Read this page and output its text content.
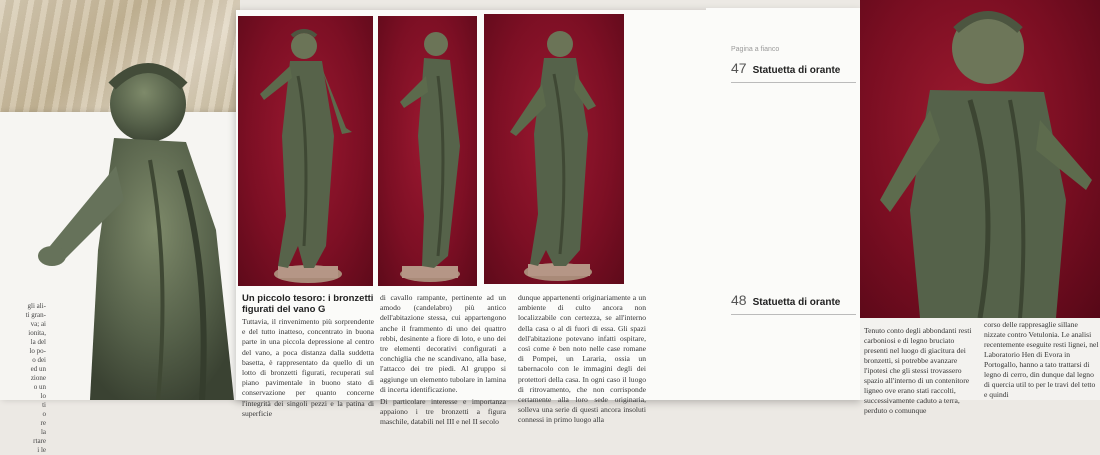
gli ali-
ti gran-
va; ai
ionita,
la del
lo po-
o dei
ed un
zione
o un
lo
ti
o
re
la
rtare
i le
Un piccolo tesoro: i bronzetti figurati del vano G

Tuttavia, il rinvenimento più sorprendente e del tutto inatteso, concentrato in buona parte in una piccola depressione al centro del vano, a poca distanza dalla suddetta basetta, è rappresentato da quello di un lotto di bronzetti figurati, recuperati sul piano pavimentale in buono stato di conservazione per quanto concerne l'integrità dei singoli pezzi e la patina di superficie

di cavallo rampante, pertinente ad un amodo (candelabro) più antico dell'abitazione stessa, cui appartengono anche il frammento di uno dei quattro rebbi, desinente a fiore di loto, e uno dei tre elementi decorativi configurati a conchiglia che ne scandivano, alla base, l'attacco dei tre piedi. Al gruppo si aggiunge un elemento tubolare in lamina di incerta identificazione.

Di particolare interesse e importanza appaiono i tre bronzetti a figura maschile, databili nel III e nel II secolo

dunque appartenenti originariamente a un ambiente di culto ancora non localizzabile con certezza, se all'interno della casa o al di fuori di essa. Gli spazi dell'abitazione potevano infatti ospitare, così come è ben noto nelle case romane di Pompei, un Lararia, ossia un tabernacolo con le immagini degli dei protettori della casa. In ogni caso il luogo di ritrovamento, che non corrisponde certamente alla loro sede originaria, solleva una serie di questi ancora insoluti connessi in primo luogo alla

Pagina a fianco
47 Statuetta di orante
48 Statuetta di orante
Tenuto conto degli abbondanti resti carboniosi e di legno bruciato presenti nel luogo di giacitura dei bronzetti, si potrebbe avanzare l'ipotesi che gli stessi trovassero spazio all'interno di un contenitore ligneo ove erano stati raccolti, successivamente caduto a terra, perduto o comunque
corso delle rappresaglie sillane nizzate contro Vetulonia. Le analisi recentemente eseguite resti lignei, nel Laboratorio Hen di Evora in Portogallo, hanno a tato trattarsi di legno di cerro, din dunque dal legno di quercia util to per le travi del tetto e quindi
